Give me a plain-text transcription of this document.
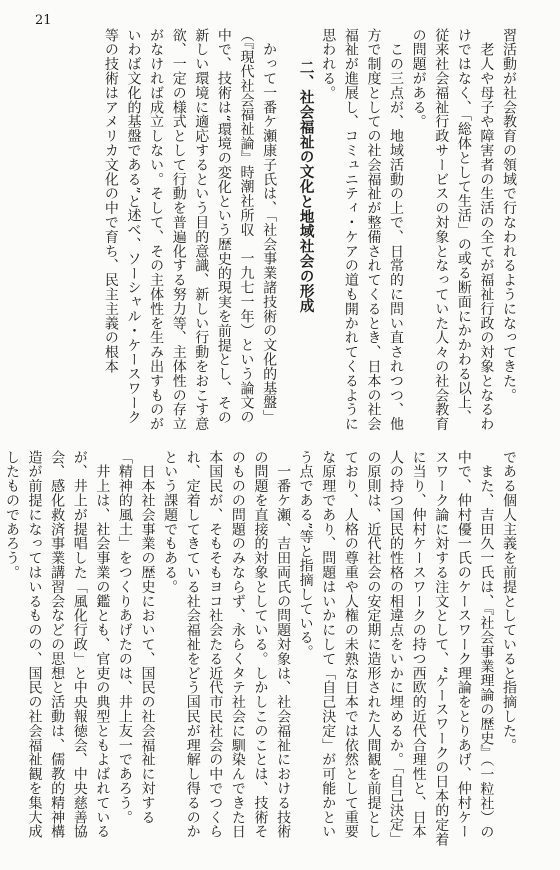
21

習活動が社会教育の領域で行なわれるようになってきた。

　老人や母子や障害者の生活の全てが福祉行政の対象となるわけではなく、「総体として生活」の或る断面にかかわる以上、従来社会福祉行政サービスの対象となっていた人々の社会教育の問題がある。

　この三点が、地域活動の上で、日常的に問い直されつつ、他方で制度としての社会福祉が整備されてくるとき、日本の社会福祉が進展し、コミュニティ・ケアの道も開かれてくるように思われる。

二、社会福祉の文化と地域社会の形成

　かって一番ケ瀬康子氏は、「社会事業諸技術の文化的基盤」（『現代社会福祉論』時潮社所収　一九七一年）という論文の中で、技術は“環境の変化という歴史的現実を前提とし、その新しい環境に適応するという目的意識、新しい行動をおこす意欲、一定の様式として行動を普遍化する努力等、主体性の存立がなければ成立しない。そして、その主体性を生み出すものがいわば文化的基盤である”と述べ、ソーシャル・ケースワーク等の技術はアメリカ文化の中で育ち、民主主義の根本

である個人主義を前提としていると指摘した。

　また、吉田久一氏は、『社会事業理論の歴史』（一粒社）の中で、仲村優一氏のケースワーク理論をとりあげ、仲村ケースワーク論に対する注文として、“ケースワークの日本的定着に当り、仲村ケースワークの持つ西欧的近代合理性と、日本人の持つ国民的性格の相違点をいかに埋めるか。「自己決定」の原則は、近代社会の安定期に造形された人間観を前提としており、人格の尊重や人権の未熟な日本では依然として重要な原理であり、問題はいかにして「自己決定」が可能かという点である”等と指摘している。

　一番ケ瀬、吉田両氏の問題対象は、社会福祉における技術の問題を直接的対象としている。しかしこのことは、技術そのものの問題のみならず、永らくタテ社会に馴染んできた日本国民が、そもそもヨコ社会たる近代市民社会の中でつくられ、定着してきている社会福祉をどう国民が理解し得るのかという課題でもある。

　日本社会事業の歴史において、国民の社会福祉に対する「精神的風土」をつくりあげたのは、井上友一であろう。

　井上は、社会事業の鑑とも、官吏の典型ともよばれているが、井上が提唱した「風化行政」と中央報徳会、中央慈善協会、感化救済事業講習会などの思想と活動は、儒教的精神構造が前提になってはいるものの、国民の社会福祉観を集大成したものであろう。
